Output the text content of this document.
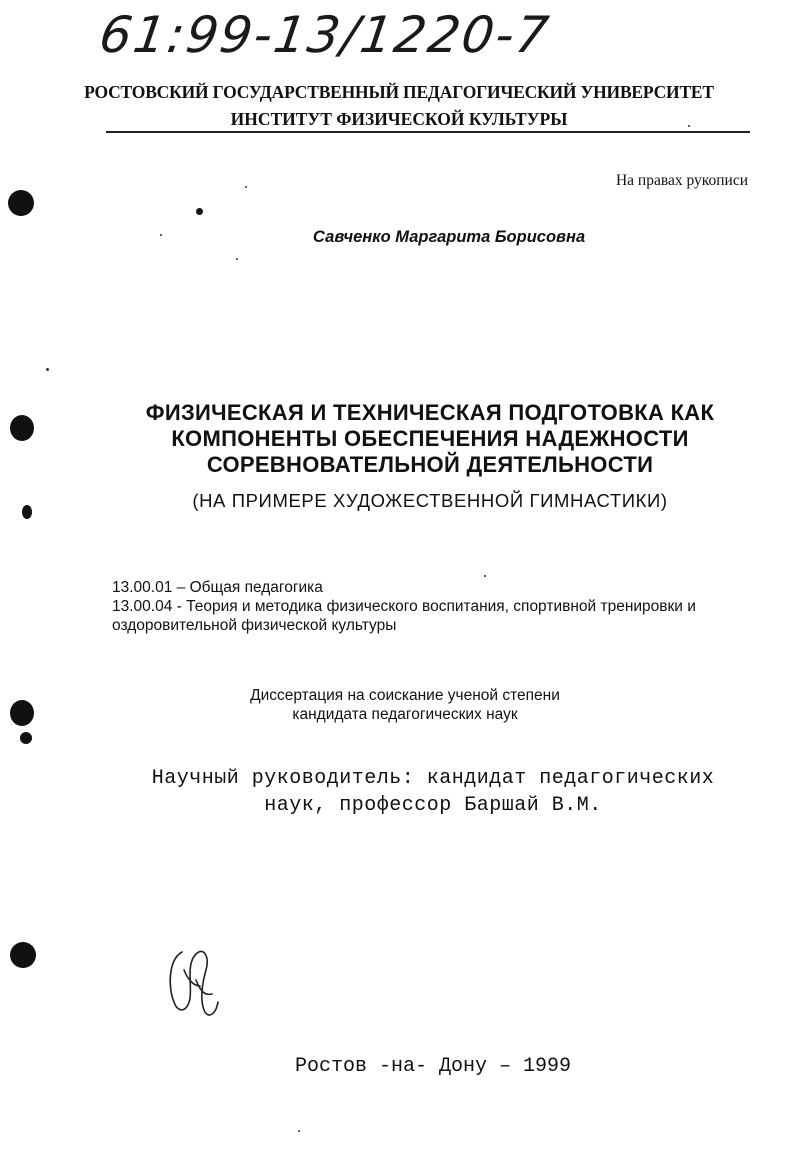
61:99-13/1220-7
РОСТОВСКИЙ ГОСУДАРСТВЕННЫЙ ПЕДАГОГИЧЕСКИЙ УНИВЕРСИТЕТ
ИНСТИТУТ ФИЗИЧЕСКОЙ КУЛЬТУРЫ
На правах рукописи
Савченко Маргарита Борисовна
ФИЗИЧЕСКАЯ И ТЕХНИЧЕСКАЯ ПОДГОТОВКА КАК
КОМПОНЕНТЫ ОБЕСПЕЧЕНИЯ НАДЕЖНОСТИ
СОРЕВНОВАТЕЛЬНОЙ ДЕЯТЕЛЬНОСТИ
(НА ПРИМЕРЕ ХУДОЖЕСТВЕННОЙ ГИМНАСТИКИ)
13.00.01 – Общая педагогика
13.00.04 - Теория и методика физического воспитания, спортивной тренировки и оздоровительной физической культуры
Диссертация на соискание ученой степени
кандидата педагогических наук
Научный руководитель: кандидат педагогических
наук, профессор Баршай В.М.
Ростов -на- Дону – 1999
